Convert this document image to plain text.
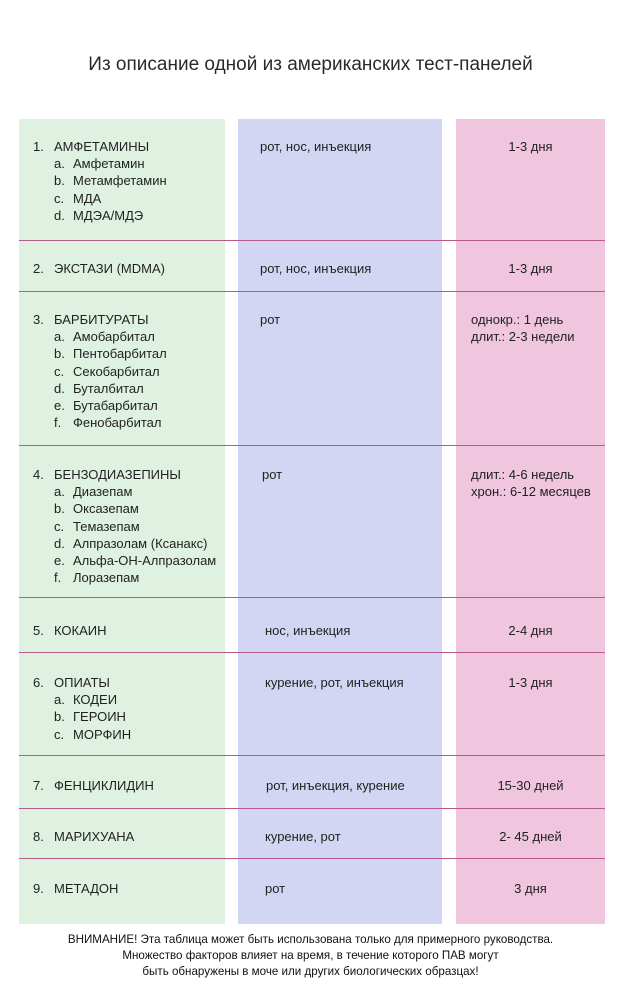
Из описание одной из американских тест-панелей
1. АМФЕТАМИНЫ
a. Амфетамин
b. Метамфетамин
c. МДА
d. МДЭА/МДЭ
рот, нос, инъекция	1-3 дня
2. ЭКСТАЗИ (MDMA)	рот, нос, инъекция	1-3 дня
3. БАРБИТУРАТЫ
a. Амобарбитал
b. Пентобарбитал
c. Секобарбитал
d. Буталбитал
e. Бутабарбитал
f. Фенобарбитал
рот	однокр.: 1 день
длит.: 2-3 недели
4. БЕНЗОДИАЗЕПИНЫ
a. Диазепам
b. Оксазепам
c. Темазепам
d. Алпразолам (Ксанакс)
e. Альфа-ОН-Алпразолам
f. Лоразепам
рот	длит.: 4-6 недель
хрон.: 6-12 месяцев
5. КОКАИН	нос, инъекция	2-4 дня
6. ОПИАТЫ
a. КОДЕИ
b. ГЕРОИН
c. МОРФИН
курение, рот, инъекция	1-3 дня
7. ФЕНЦИКЛИДИН	рот, инъекция, курение	15-30 дней
8. МАРИХУАНА	курение, рот	2- 45 дней
9. МЕТАДОН	рот	3 дня
ВНИМАНИЕ! Эта таблица может быть использована только для примерного руководства.
Множество факторов влияет на время, в течение которого ПАВ могут
быть обнаружены в моче или других биологических образцах!
